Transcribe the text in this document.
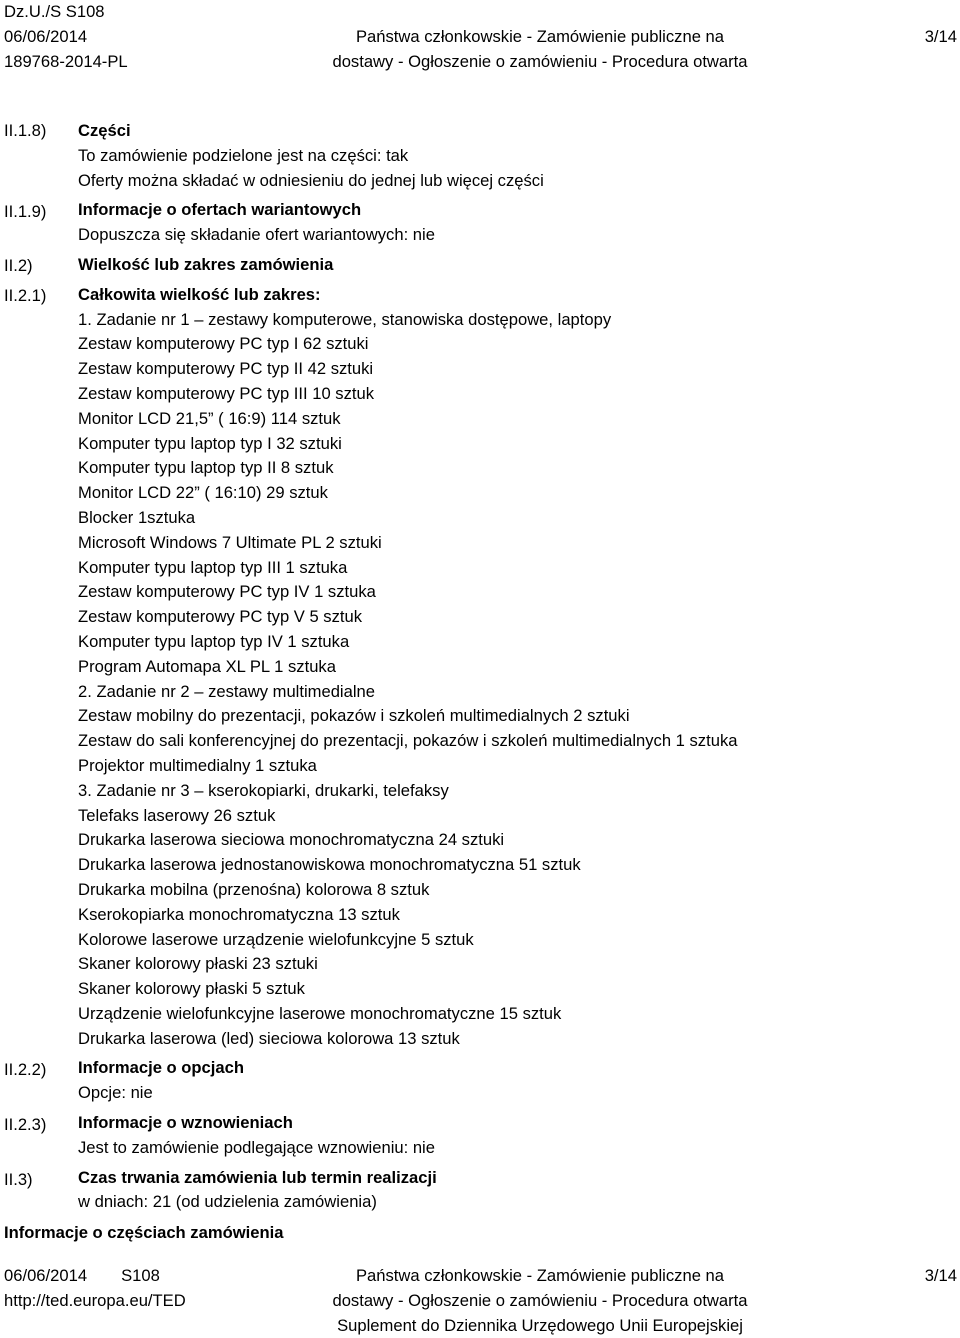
Dz.U./S S108
06/06/2014
189768-2014-PL
Państwa członkowskie - Zamówienie publiczne na
dostawy - Ogłoszenie o zamówieniu - Procedura otwarta
3/14
II.1.8)
II.1.9)
II.2)
II.2.1)
II.2.2)
II.2.3)
II.3)
Części
To zamówienie podzielone jest na części: tak
Oferty można składać w odniesieniu do jednej lub więcej części
Informacje o ofertach wariantowych
Dopuszcza się składanie ofert wariantowych: nie
Wielkość lub zakres zamówienia
Całkowita wielkość lub zakres:
1. Zadanie nr 1 – zestawy komputerowe, stanowiska dostępowe, laptopy
Zestaw komputerowy PC typ I 62 sztuki
Zestaw komputerowy PC typ II 42 sztuki
Zestaw komputerowy PC typ III 10 sztuk
Monitor LCD 21,5” ( 16:9) 114 sztuk
Komputer typu laptop typ I 32 sztuki
Komputer typu laptop typ II 8 sztuk
Monitor LCD 22” ( 16:10) 29 sztuk
Blocker 1sztuka
Microsoft Windows 7 Ultimate PL 2 sztuki
Komputer typu laptop typ III 1 sztuka
Zestaw komputerowy PC typ IV 1 sztuka
Zestaw komputerowy PC typ V 5 sztuk
Komputer typu laptop typ IV 1 sztuka
Program Automapa XL PL 1 sztuka
2. Zadanie nr 2 – zestawy multimedialne
Zestaw mobilny do prezentacji, pokazów i szkoleń multimedialnych 2 sztuki
Zestaw do sali konferencyjnej do prezentacji, pokazów i szkoleń multimedialnych 1 sztuka
Projektor multimedialny 1 sztuka
3. Zadanie nr 3 – kserokopiarki, drukarki, telefaksy
Telefaks laserowy 26 sztuk
Drukarka laserowa sieciowa monochromatyczna 24 sztuki
Drukarka laserowa jednostanowiskowa monochromatyczna 51 sztuk
Drukarka mobilna (przenośna) kolorowa 8 sztuk
Kserokopiarka monochromatyczna 13 sztuk
Kolorowe laserowe urządzenie wielofunkcyjne 5 sztuk
Skaner kolorowy płaski 23 sztuki
Skaner kolorowy płaski 5 sztuk
Urządzenie wielofunkcyjne laserowe monochromatyczne 15 sztuk
Drukarka laserowa (led) sieciowa kolorowa 13 sztuk
Informacje o opcjach
Opcje: nie
Informacje o wznowieniach
Jest to zamówienie podlegające wznowieniu: nie
Czas trwania zamówienia lub termin realizacji
w dniach: 21 (od udzielenia zamówienia)
Informacje o częściach zamówienia
06/06/2014 S108
http://ted.europa.eu/TED
Państwa członkowskie - Zamówienie publiczne na
dostawy - Ogłoszenie o zamówieniu - Procedura otwarta
Suplement do Dziennika Urzędowego Unii Europejskiej
3/14
